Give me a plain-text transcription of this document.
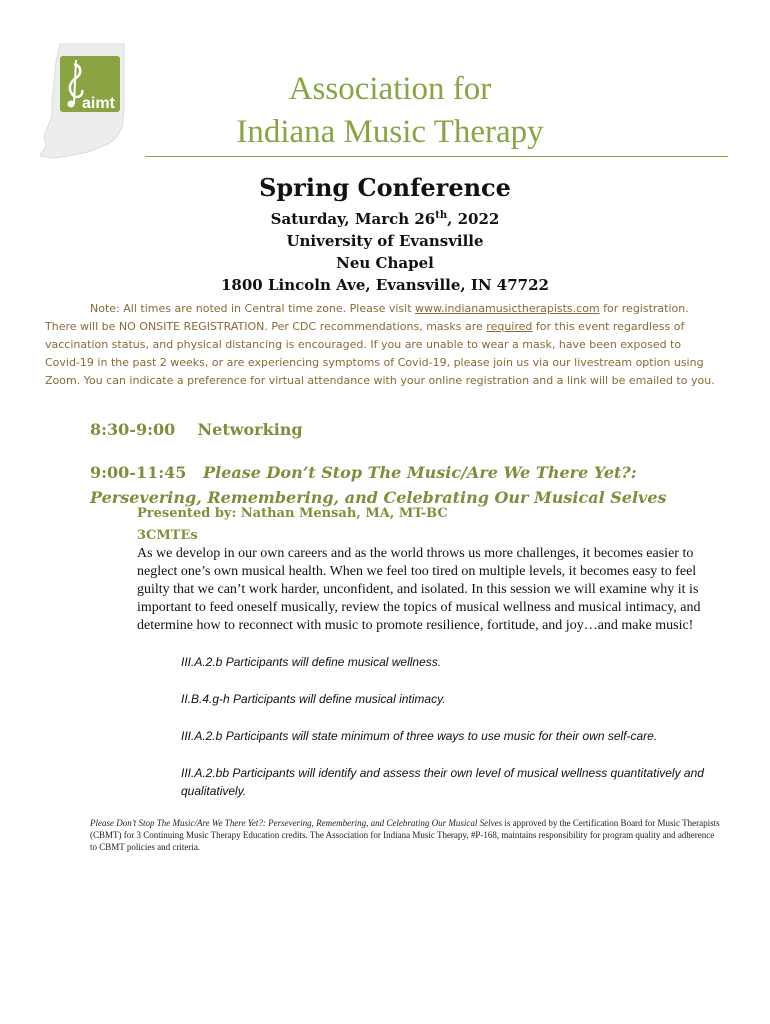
aimt	Association for
Indiana Music Therapy
Spring Conference
Saturday, March 26th, 2022
University of Evansville
Neu Chapel
1800 Lincoln Ave, Evansville, IN 47722
Note: All times are noted in Central time zone. Please visit www.indianamusictherapists.com for registration. There will be NO ONSITE REGISTRATION. Per CDC recommendations, masks are required for this event regardless of vaccination status, and physical distancing is encouraged. If you are unable to wear a mask, have been exposed to Covid-19 in the past 2 weeks, or are experiencing symptoms of Covid-19, please join us via our livestream option using Zoom. You can indicate a preference for virtual attendance with your online registration and a link will be emailed to you.
8:30-9:00 Networking
9:00-11:45 Please Don’t Stop The Music/Are We There Yet?: Persevering, Remembering, and Celebrating Our Musical Selves
Presented by: Nathan Mensah, MA, MT-BC
3CMTEs
As we develop in our own careers and as the world throws us more challenges, it becomes easier to neglect one’s own musical health. When we feel too tired on multiple levels, it becomes easy to feel guilty that we can’t work harder, unconfident, and isolated. In this session we will examine why it is important to feed oneself musically, review the topics of musical wellness and musical intimacy, and determine how to reconnect with music to promote resilience, fortitude, and joy…and make music!
III.A.2.b Participants will define musical wellness.
II.B.4.g-h Participants will define musical intimacy.
III.A.2.b Participants will state minimum of three ways to use music for their own self-care.
III.A.2.bb Participants will identify and assess their own level of musical wellness quantitatively and qualitatively.
Please Don’t Stop The Music/Are We There Yet?: Persevering, Remembering, and Celebrating Our Musical Selves is approved by the Certification Board for Music Therapists (CBMT) for 3 Continuing Music Therapy Education credits. The Association for Indiana Music Therapy, #P-168, maintains responsibility for program quality and adherence to CBMT policies and criteria.
